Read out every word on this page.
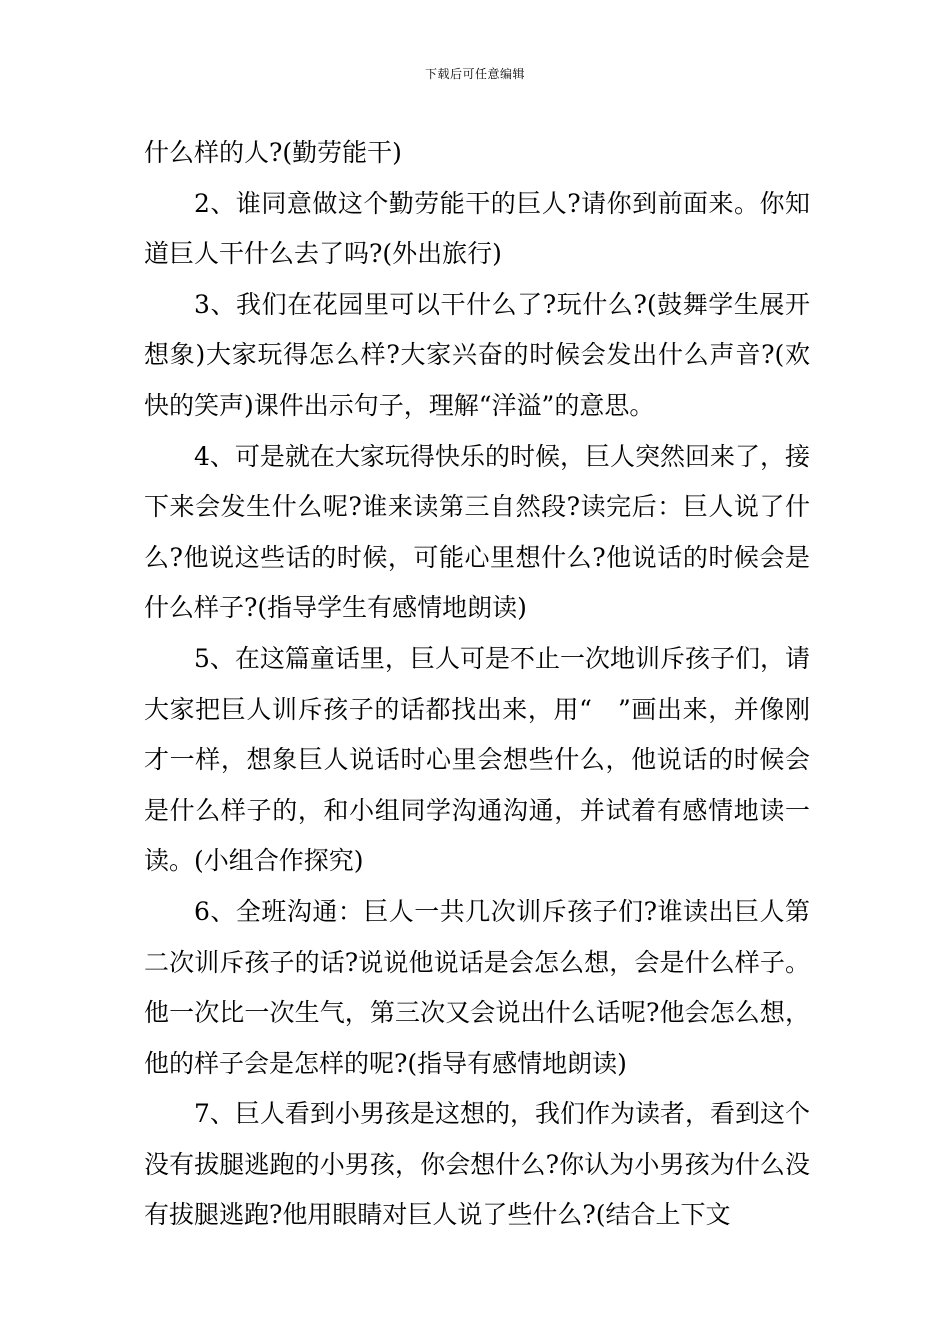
下载后可任意编辑

什么样的人?(勤劳能干)

2、谁同意做这个勤劳能干的巨人?请你到前面来。你知道巨人干什么去了吗?(外出旅行)

3、我们在花园里可以干什么了?玩什么?(鼓舞学生展开想象)大家玩得怎么样?大家兴奋的时候会发出什么声音?(欢快的笑声)课件出示句子，理解“洋溢”的意思。

4、可是就在大家玩得快乐的时候，巨人突然回来了，接下来会发生什么呢?谁来读第三自然段?读完后：巨人说了什么?他说这些话的时候，可能心里想什么?他说话的时候会是什么样子?(指导学生有感情地朗读)

5、在这篇童话里，巨人可是不止一次地训斥孩子们，请大家把巨人训斥孩子的话都找出来，用“　”画出来，并像刚才一样，想象巨人说话时心里会想些什么，他说话的时候会是什么样子的，和小组同学沟通沟通，并试着有感情地读一读。(小组合作探究)

6、全班沟通：巨人一共几次训斥孩子们?谁读出巨人第二次训斥孩子的话?说说他说话是会怎么想，会是什么样子。他一次比一次生气，第三次又会说出什么话呢?他会怎么想，他的样子会是怎样的呢?(指导有感情地朗读)

7、巨人看到小男孩是这想的，我们作为读者，看到这个没有拔腿逃跑的小男孩，你会想什么?你认为小男孩为什么没有拔腿逃跑?他用眼睛对巨人说了些什么?(结合上下文
